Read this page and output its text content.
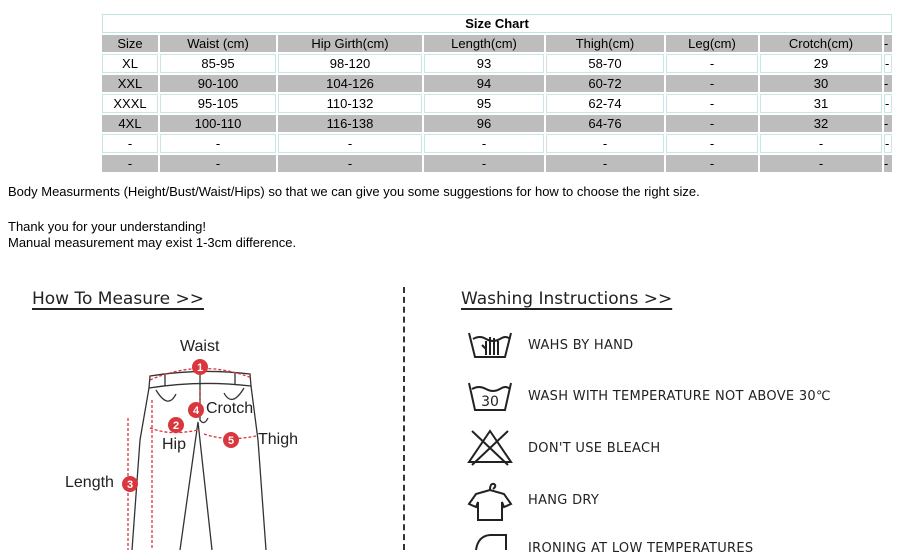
Size Chart							
Size	Waist (cm)	Hip Girth(cm)	Length(cm)	Thigh(cm)	Leg(cm)	Crotch(cm)	-
XL	85-95	98-120	93	58-70	-	29	-
XXL	90-100	104-126	94	60-72	-	30	-
XXXL	95-105	110-132	95	62-74	-	31	-
4XL	100-110	116-138	96	64-76	-	32	-
-	-	-	-	-	-	-	-
-	-	-	-	-	-	-	-
Body Measurments (Height/Bust/Waist/Hips) so that we can give you some suggestions for how to choose the right size.
Thank you for your understanding!
Manual measurement may exist 1-3cm difference.
How To Measure >>	Washing Instructions >>
1
4
2
5
3
Waist
Crotch
Hip	Thigh
Length
WAHS BY HAND
30 WASH WITH TEMPERATURE NOT ABOVE 30℃
DON'T USE BLEACH
HANG DRY
IRONING AT LOW TEMPERATURES
